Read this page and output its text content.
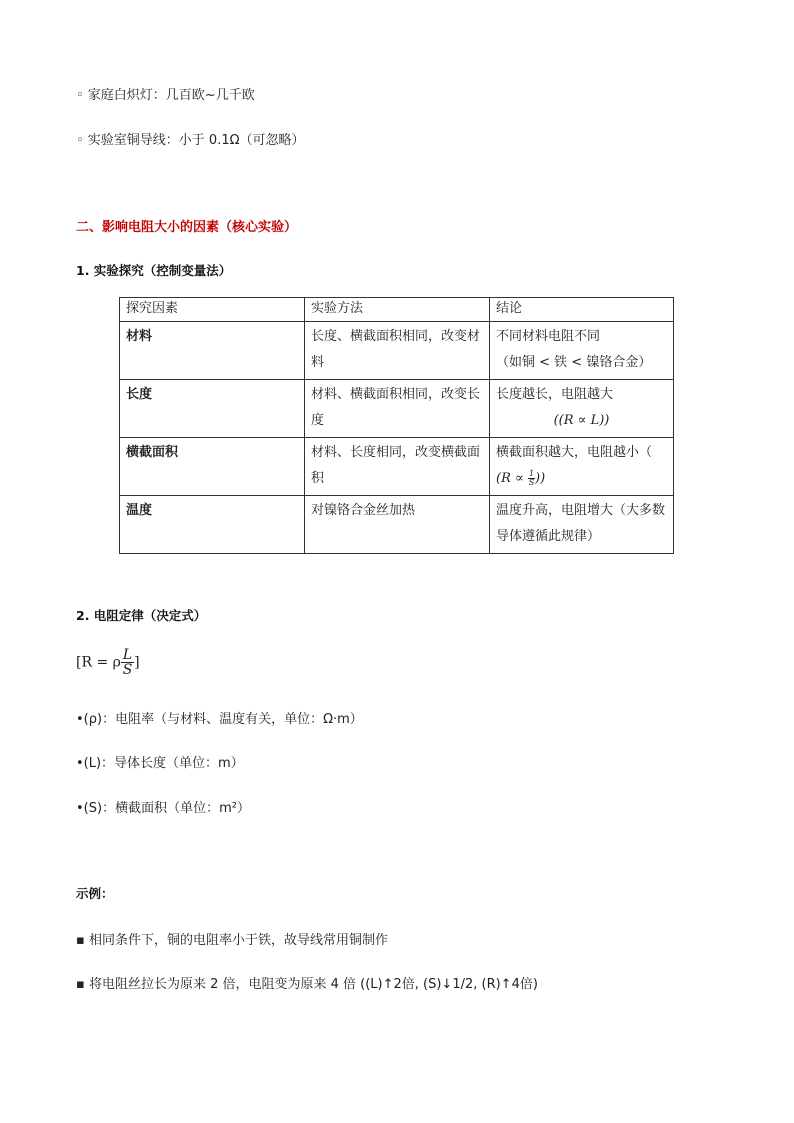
◦ 家庭白炽灯：几百欧~几千欧
◦ 实验室铜导线：小于 0.1Ω（可忽略）
二、影响电阻大小的因素（核心实验）
1. 实验探究（控制变量法）
探究因素	实验方法	结论
材料	长度、横截面积相同，改变材料	不同材料电阻不同
（如铜 < 铁 < 镍铬合金）
长度	材料、横截面积相同，改变长度	长度越长，电阻越大
((R ∝ L))

横截面积	材料、长度相同，改变横截面积	横截面积越大，电阻越小（
($R \propto \frac{1}{S}$ ))
温度	对镍铬合金丝加热	温度升高，电阻增大（大多数导体遵循此规律）
2. 电阻定律（决定式）
[R = ρ $\frac{L}{S}$ ]
•(ρ)：电阻率（与材料、温度有关，单位：Ω·m）
•(L)：导体长度（单位：m）
•(S)：横截面积（单位：m²）
示例：
▪ 相同条件下，铜的电阻率小于铁，故导线常用铜制作
▪ 将电阻丝拉长为原来 2 倍，电阻变为原来 4 倍 ((L)↑2倍, (S)↓1/2, (R)↑4倍)
